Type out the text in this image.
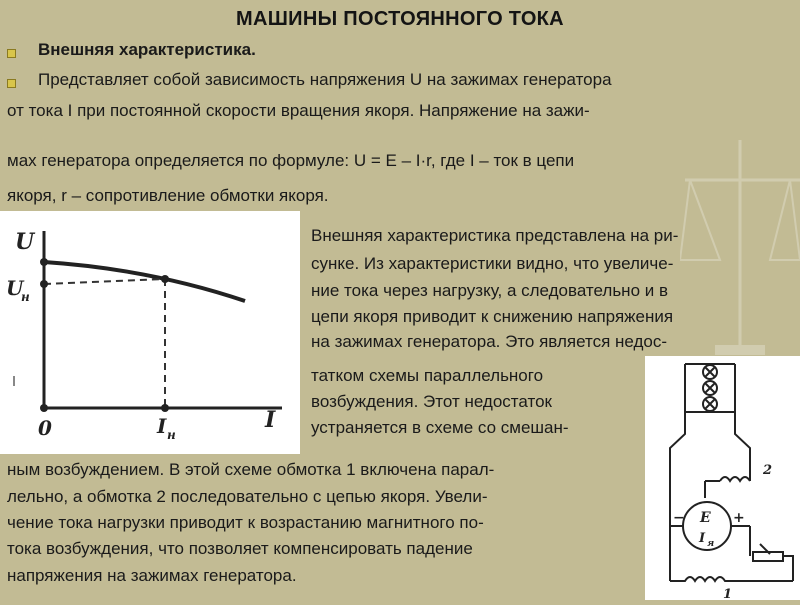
МАШИНЫ ПОСТОЯННОГО ТОКА
Внешняя характеристика.
Представляет собой зависимость напряжения U на зажимах генератора
от тока I при постоянной скорости вращения якоря. Напряжение на зажи-
мах генератора определяется по формуле: U = E – I·r, где I – ток в цепи
якоря, r – сопротивление обмотки якоря.
U
U
н
I
I н
0
Внешняя характеристика представлена на ри-
сунке. Из характеристики видно, что увеличе-
ние тока через нагрузку, а следовательно и в
цепи якоря приводит к снижению напряжения
на зажимах генератора. Это является недос-
татком схемы параллельного
возбуждения. Этот недостаток
устраняется в схеме со смешан-
ным возбуждением. В этой схеме обмотка 1 включена парал-
лельно, а обмотка 2 последовательно с цепью якоря. Увели-
чение тока нагрузки приводит к возрастанию магнитного по-
тока возбуждения, что позволяет компенсировать падение
напряжения на зажимах генератора.
2
1
E
I я
−	+
